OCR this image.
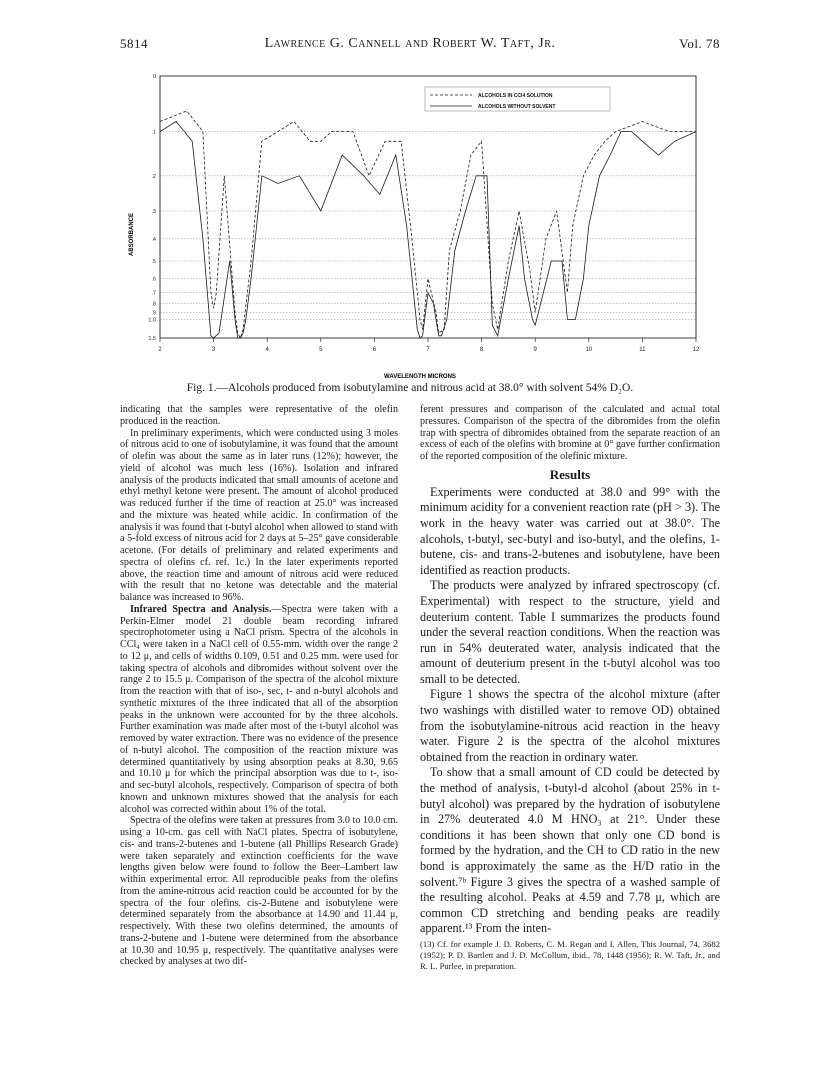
Lawrence G. Cannell and Robert W. Taft, Jr.
5814	Vol. 78
0
.1
.2
.3
.4
.5
.6
.7
.8
.9
1.0
1.5
2	3	4	5	6	7	8	9	10	11	12
ALCOHOLS IN CCl4 SOLUTION
ALCOHOLS WITHOUT SOLVENT
ABSORBANCE
WAVELENGTH MICRONS
Fig. 1.—Alcohols produced from isobutylamine and nitrous acid at 38.0° with solvent 54% D₂O.

indicating that the samples were representative of the olefin produced in the reaction.

In preliminary experiments, which were conducted using 3 moles of nitrous acid to one of isobutylamine, it was found that the amount of olefin was about the same as in later runs (12%); however, the yield of alcohol was much less (16%). Isolation and infrared analysis of the products indicated that small amounts of acetone and ethyl methyl ketone were present. The amount of alcohol produced was reduced further if the time of reaction at 25.0° was increased and the mixture was heated while acidic. In confirmation of the analysis it was found that t-butyl alcohol when allowed to stand with a 5-fold excess of nitrous acid for 2 days at 5–25° gave considerable acetone. (For details of preliminary and related experiments and spectra of olefins cf. ref. 1c.) In the later experiments reported above, the reaction time and amount of nitrous acid were reduced with the result that no ketone was detectable and the material balance was increased to 96%.

Infrared Spectra and Analysis.—Spectra were taken with a Perkin-Elmer model 21 double beam recording infrared spectrophotometer using a NaCl prism. Spectra of the alcohols in CCl₄ were taken in a NaCl cell of 0.55-mm. width over the range 2 to 12 μ, and cells of widths 0.109, 0.51 and 0.25 mm. were used for taking spectra of alcohols and dibromides without solvent over the range 2 to 15.5 μ. Comparison of the spectra of the alcohol mixture from the reaction with that of iso-, sec, t- and n-butyl alcohols and synthetic mixtures of the three indicated that all of the absorption peaks in the unknown were accounted for by the three alcohols. Further examination was made after most of the t-butyl alcohol was removed by water extraction. There was no evidence of the presence of n-butyl alcohol. The composition of the reaction mixture was determined quantitatively by using absorption peaks at 8.30, 9.65 and 10.10 μ for which the principal absorption was due to t-, iso- and sec-butyl alcohols, respectively. Comparison of spectra of both known and unknown mixtures showed that the analysis for each alcohol was corrected within about 1% of the total.

Spectra of the olefins were taken at pressures from 3.0 to 10.0 cm. using a 10-cm. gas cell with NaCl plates. Spectra of isobutylene, cis- and trans-2-butenes and 1-butene (all Phillips Research Grade) were taken separately and extinction coefficients for the wave lengths given below were found to follow the Beer–Lambert law within experimental error. All reproducible peaks from the olefins from the amine-nitrous acid reaction could be accounted for by the spectra of the four olefins. cis-2-Butene and isobutylene were determined separately from the absorbance at 14.90 and 11.44 μ, respectively. With these two olefins determined, the amounts of trans-2-butene and 1-butene were determined from the absorbance at 10.30 and 10.95 μ, respectively. The quantitative analyses were checked by analyses at two dif-

ferent pressures and comparison of the calculated and actual total pressures. Comparison of the spectra of the dibromides from the olefin trap with spectra of dibromides obtained from the separate reaction of an excess of each of the olefins with bromine at 0° gave further confirmation of the reported composition of the olefinic mixture.

Results

Experiments were conducted at 38.0 and 99° with the minimum acidity for a convenient reaction rate (pH > 3). The work in the heavy water was carried out at 38.0°. The alcohols, t-butyl, sec-butyl and iso-butyl, and the olefins, 1-butene, cis- and trans-2-butenes and isobutylene, have been identified as reaction products.

The products were analyzed by infrared spectroscopy (cf. Experimental) with respect to the structure, yield and deuterium content. Table I summarizes the products found under the several reaction conditions. When the reaction was run in 54% deuterated water, analysis indicated that the amount of deuterium present in the t-butyl alcohol was too small to be detected.

Figure 1 shows the spectra of the alcohol mixture (after two washings with distilled water to remove OD) obtained from the isobutylamine-nitrous acid reaction in the heavy water. Figure 2 is the spectra of the alcohol mixtures obtained from the reaction in ordinary water.

To show that a small amount of CD could be detected by the method of analysis, t-butyl-d alcohol (about 25% in t-butyl alcohol) was prepared by the hydration of isobutylene in 27% deuterated 4.0 M HNO₃ at 21°. Under these conditions it has been shown that only one CD bond is formed by the hydration, and the CH to CD ratio in the new bond is approximately the same as the H/D ratio in the solvent.⁷ᵇ Figure 3 gives the spectra of a washed sample of the resulting alcohol. Peaks at 4.59 and 7.78 μ, which are common CD stretching and bending peaks are readily apparent.¹³ From the inten-

(13) Cf. for example J. D. Roberts, C. M. Regan and I. Allen, This Journal, 74, 3682 (1952); P. D. Bartlett and J. D. McCollum, ibid., 78, 1448 (1956); R. W. Taft, Jr., and R. L. Purlee, in preparation.
